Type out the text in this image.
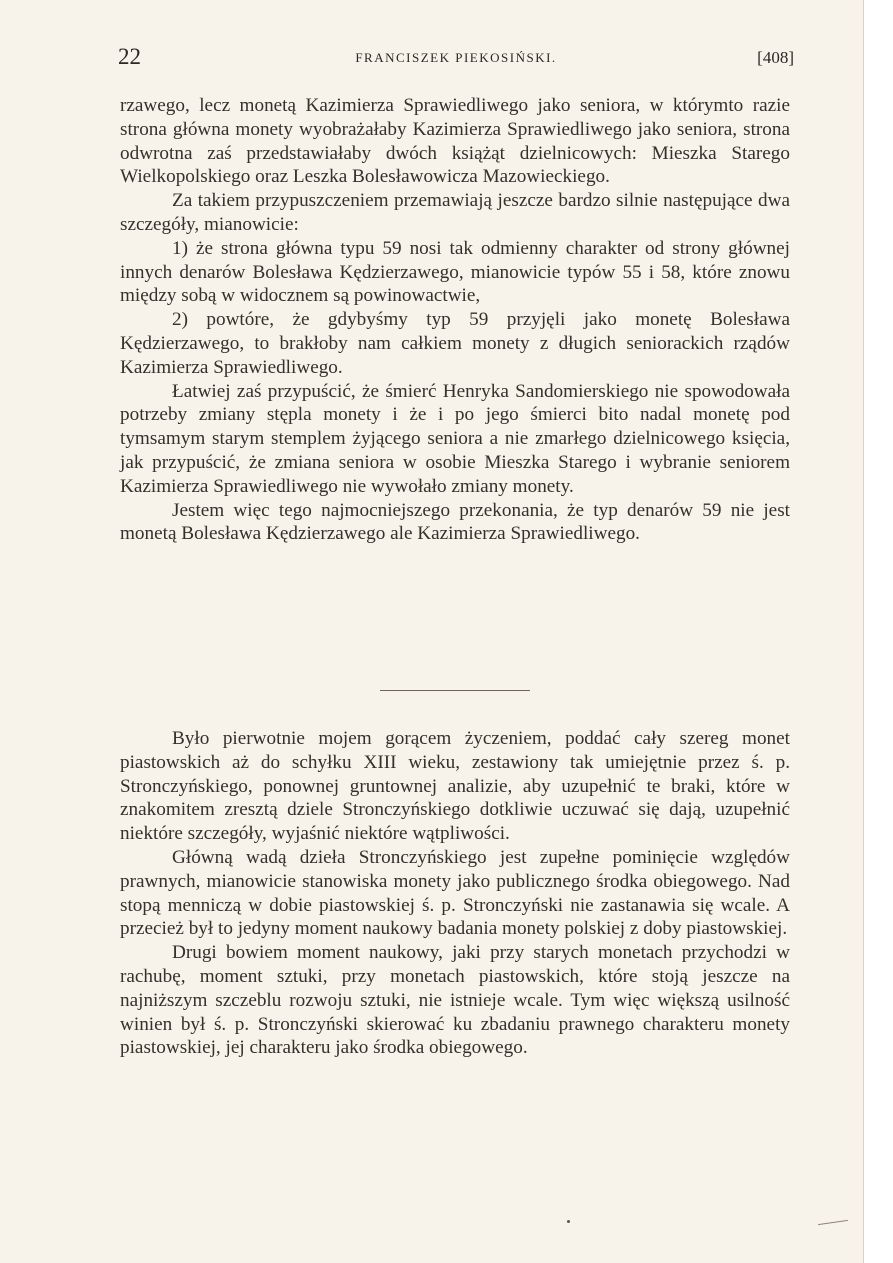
22	FRANCISZEK PIEKOSIŃSKI.	[408]

rzawego, lecz monetą Kazimierza Sprawiedliwego jako seniora, w którymto razie strona główna monety wyobrażałaby Kazimierza Sprawiedliwego jako seniora, strona odwrotna zaś przedstawiałaby dwóch książąt dzielnicowych: Mieszka Starego Wielkopolskiego oraz Leszka Bolesławowicza Mazowieckiego.

Za takiem przypuszczeniem przemawiają jeszcze bardzo silnie następujące dwa szczegóły, mianowicie:

1) że strona główna typu 59 nosi tak odmienny charakter od strony głównej innych denarów Bolesława Kędzierzawego, mianowicie typów 55 i 58, które znowu między sobą w widocznem są powinowactwie,

2) powtóre, że gdybyśmy typ 59 przyjęli jako monetę Bolesława Kędzierzawego, to brakłoby nam całkiem monety z długich seniorackich rządów Kazimierza Sprawiedliwego.

Łatwiej zaś przypuścić, że śmierć Henryka Sandomierskiego nie spowodowała potrzeby zmiany stępla monety i że i po jego śmierci bito nadal monetę pod tymsamym starym stemplem żyjącego seniora a nie zmarłego dzielnicowego księcia, jak przypuścić, że zmiana seniora w osobie Mieszka Starego i wybranie seniorem Kazimierza Sprawiedliwego nie wywołało zmiany monety.

Jestem więc tego najmocniejszego przekonania, że typ denarów 59 nie jest monetą Bolesława Kędzierzawego ale Kazimierza Sprawiedliwego.

Było pierwotnie mojem gorącem życzeniem, poddać cały szereg monet piastowskich aż do schyłku XIII wieku, zestawiony tak umiejętnie przez ś. p. Stronczyńskiego, ponownej gruntownej analizie, aby uzupełnić te braki, które w znakomitem zresztą dziele Stronczyńskiego dotkliwie uczuwać się dają, uzupełnić niektóre szczegóły, wyjaśnić niektóre wątpliwości.

Główną wadą dzieła Stronczyńskiego jest zupełne pominięcie względów prawnych, mianowicie stanowiska monety jako publicznego środka obiegowego. Nad stopą menniczą w dobie piastowskiej ś. p. Stronczyński nie zastanawia się wcale. A przecież był to jedyny moment naukowy badania monety polskiej z doby piastowskiej.

Drugi bowiem moment naukowy, jaki przy starych monetach przychodzi w rachubę, moment sztuki, przy monetach piastowskich, które stoją jeszcze na najniższym szczeblu rozwoju sztuki, nie istnieje wcale. Tym więc większą usilność winien był ś. p. Stronczyński skierować ku zbadaniu prawnego charakteru monety piastowskiej, jej charakteru jako środka obiegowego.
